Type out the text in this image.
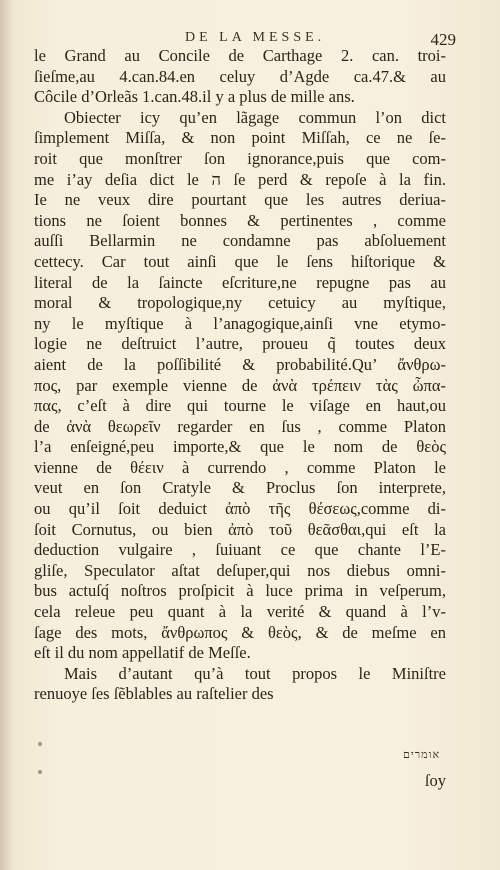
DE LA MESSE.	429
le Grand au Concile de Carthage 2. can. troi-
ſieſme,au 4.can.84.en celuy d’Agde ca.47.& au
Côcile d’Orleãs 1.can.48.il y a plus de mille ans.
Obiecter icy qu’en lãgage commun l’on dict
ſimplement Miſſa, & non point Miſſah, ce ne ſe-
roit que monſtrer ſon ignorance,puis que com-
me i’ay deſia dict le ה ſe perd & repoſe à la fin.
Ie ne veux dire pourtant que les autres deriua-
tions ne ſoient bonnes & pertinentes , comme
auſſi Bellarmin ne condamne pas abſoluement
cettecy. Car tout ainſi que le ſens hiſtorique &
literal de la ſaincte eſcriture,ne repugne pas au
moral & tropologique,ny cetuicy au myſtique,
ny le myſtique à l’anagogique,ainſi vne etymo-
logie ne deſtruict l’autre, proueu q̃ toutes deux
aient de la poſſibilité & probabilité.Qu’ ἄνθρω-
πος, par exemple vienne de ἀνὰ τρέπειν τὰς ὦπα-
πας, c’eſt à dire qui tourne le viſage en haut,ou
de ἀνὰ θεωρεῖν regarder en ſus , comme Platon
l’a enſeigné,peu importe,& que le nom de θεὸς
vienne de θέειν à currendo , comme Platon le
veut en ſon Cratyle & Proclus ſon interprete,
ou qu’il ſoit deduict ἀπὸ τῆς θέσεως,comme di-
ſoit Cornutus, ou bien ἀπὸ τοῦ θεᾶσθαι,qui eſt la
deduction vulgaire , ſuiuant ce que chante l’E-
gliſe, Speculator aſtat deſuper,qui nos diebus omni-
bus actuſq́ noſtros proſpicit à luce prima in veſperum,
cela releue peu quant à la verité & quand à l’v-
ſage des mots, ἄνθρωπος & θεὸς, & de meſme en
eſt il du nom appellatif de Meſſe.
Mais d’autant qu’à tout propos le Miniſtre
renuoye ſes ſẽblables au raſtelier des
אומרים
ſoy
